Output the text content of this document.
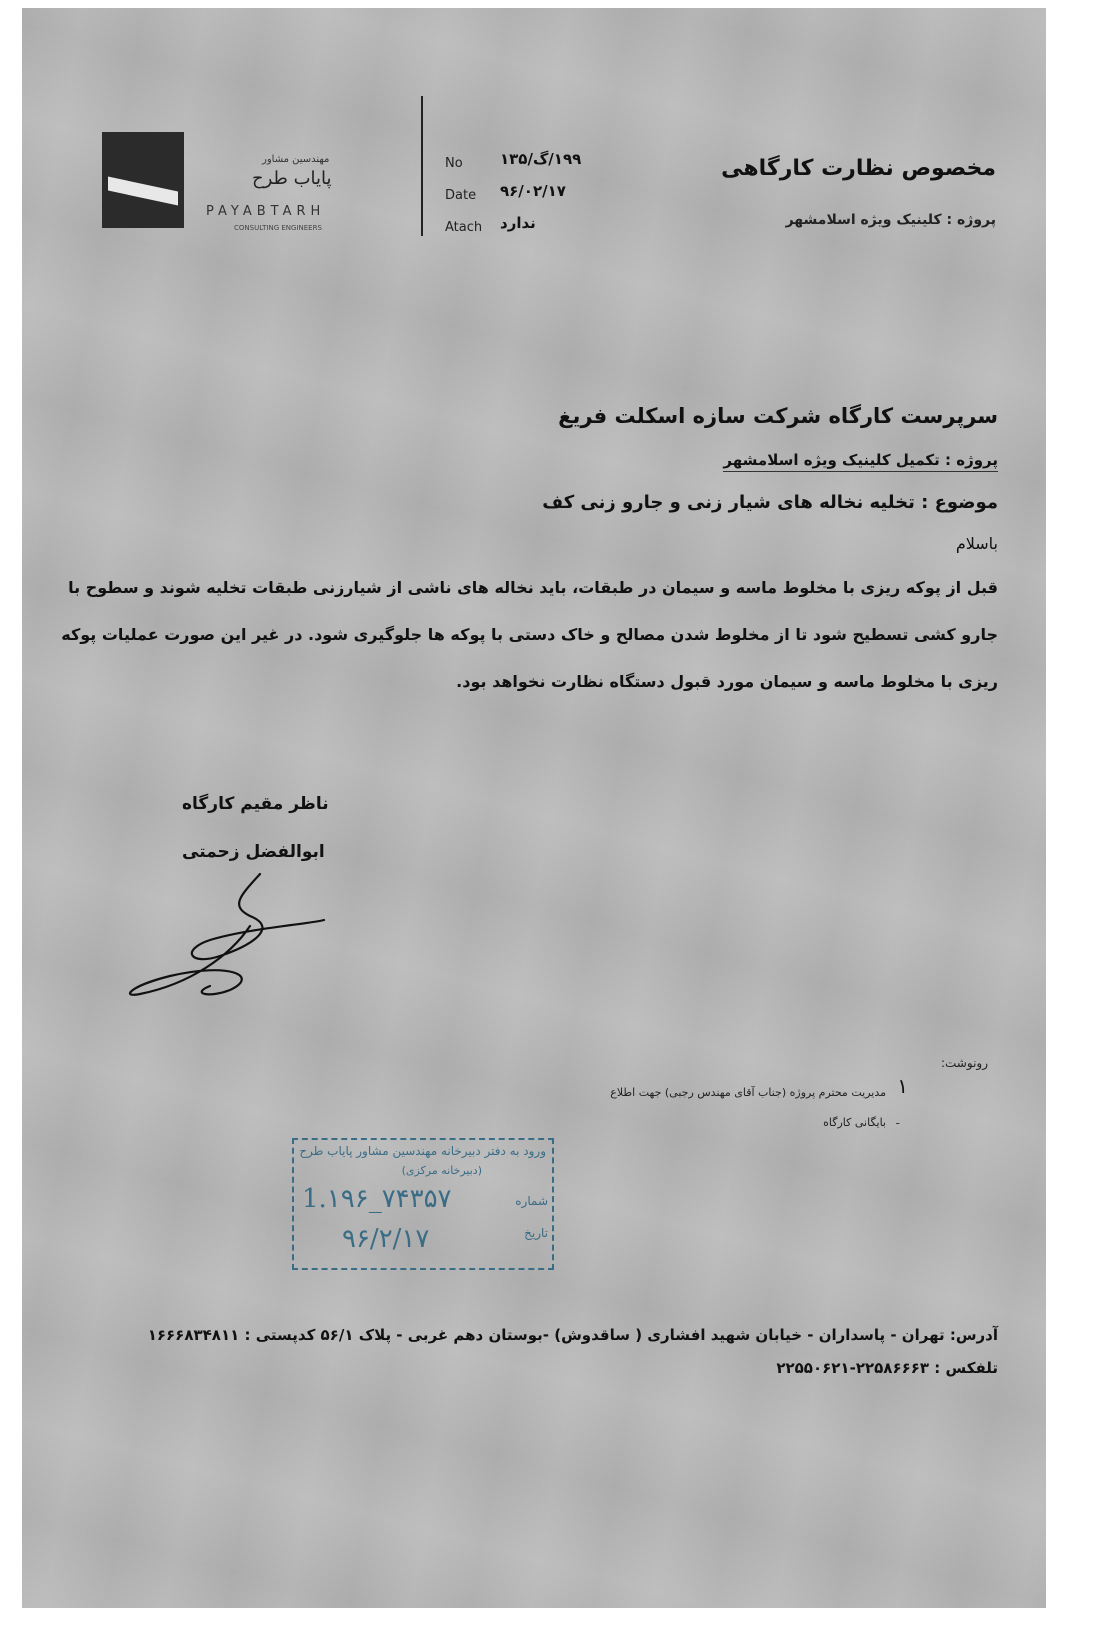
مهندسین مشاور
پایاب طرح
PAYABTARH
CONSULTING ENGINEERS
No ۱۹۹/گ/۱۳۵
Date ۹۶/۰۲/۱۷
Atach ندارد
مخصوص نظارت کارگاهی
پروژه : کلینیک ویژه اسلامشهر
سرپرست کارگاه شرکت سازه اسکلت فریغ
پروژه : تکمیل کلینیک ویژه اسلامشهر
موضوع : تخلیه نخاله های شیار زنی و جارو زنی کف
باسلام
قبل از پوکه ریزی با مخلوط ماسه و سیمان در طبقات، باید نخاله های ناشی از شیارزنی طبقات تخلیه شوند و سطوح با
جارو کشی تسطیح شود تا از مخلوط شدن مصالح و خاک دستی با پوکه ها جلوگیری شود. در غیر این صورت عملیات پوکه
ریزی با مخلوط ماسه و سیمان مورد قبول دستگاه نظارت نخواهد بود.
ناظر مقیم کارگاه
ابوالفضل زحمتی
رونوشت:
۱
مدیریت محترم پروژه (جناب آقای مهندس رجبی) جهت اطلاع
-
بایگانی کارگاه
ورود به دفتر دبیرخانه مهندسین مشاور پایاب طرح
(دبیرخانه مرکزی)
شماره
1.۱۹۶_۷۴۳۵۷
تاریخ
۹۶/۲/۱۷
آدرس: تهران - پاسداران - خیابان شهید افشاری ( ساقدوش) -بوستان دهم غربی - پلاک ۵۶/۱ کدپستی : ۱۶۶۶۸۳۴۸۱۱
تلفکس : ۲۲۵۸۶۶۶۳-۲۲۵۵۰۶۲۱
